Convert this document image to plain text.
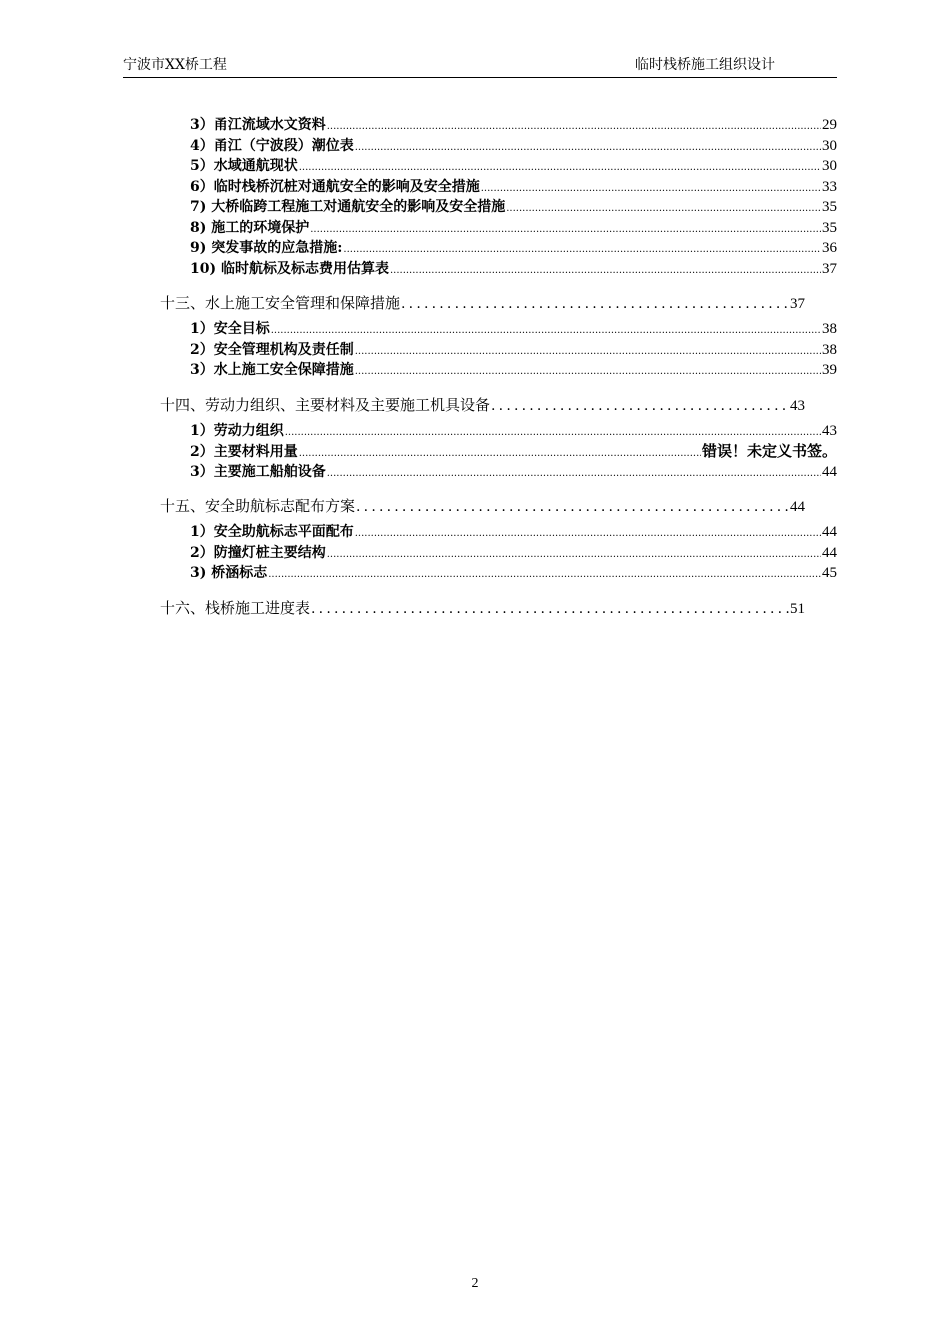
宁波市XX桥工程	临时栈桥施工组织设计
3）甬江流域水文资料 .....	29
4）甬江（宁波段）潮位表 .....	30
5）水域通航现状 .....	30
6）临时栈桥沉桩对通航安全的影响及安全措施 .....	33
7) 大桥临跨工程施工对通航安全的影响及安全措施 .....	35
8) 施工的环境保护 .....	35
9) 突发事故的应急措施: .....	36
10) 临时航标及标志费用估算表 .....	37
十三、水上施工安全管理和保障措施 .....	37
1）安全目标 .....	38
2）安全管理机构及责任制 .....	38
3）水上施工安全保障措施 .....	39
十四、劳动力组织、主要材料及主要施工机具设备 .....	43
1）劳动力组织 .....	43
2）主要材料用量 .....	错误！未定义书签。
3）主要施工船舶设备 .....	44
十五、安全助航标志配布方案 .....	44
1）安全助航标志平面配布 .....	44
2）防撞灯桩主要结构 .....	44
3) 桥涵标志 .....	45
十六、栈桥施工进度表 .....	51
2
